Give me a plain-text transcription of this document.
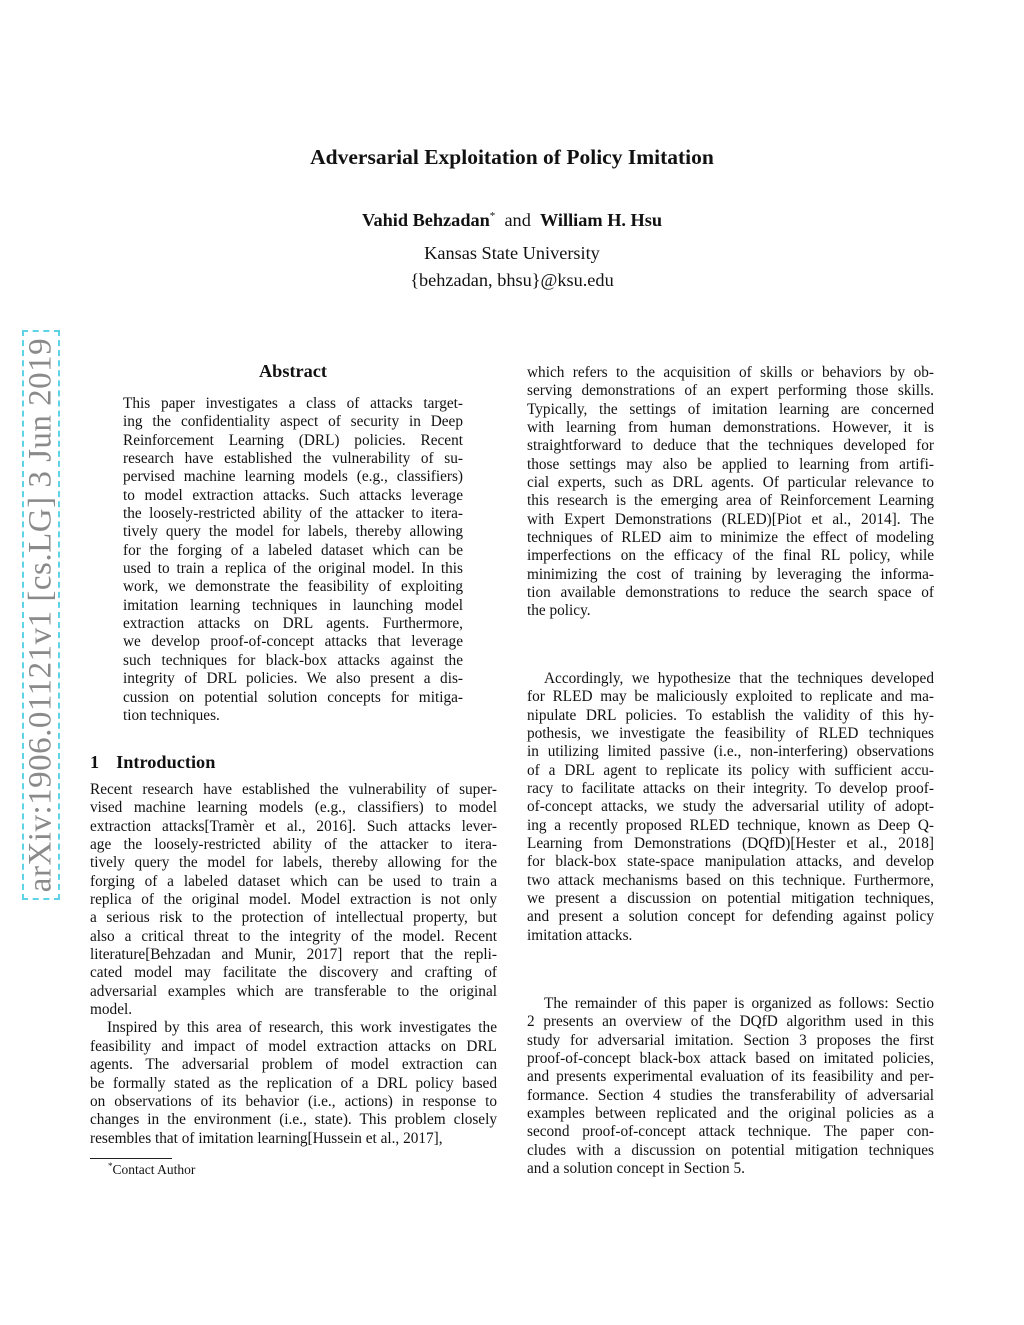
arXiv:1906.01121v1 [cs.LG] 3 Jun 2019
Adversarial Exploitation of Policy Imitation
Vahid Behzadan* and William H. Hsu
Kansas State University
{behzadan, bhsu}@ksu.edu
Abstract
This paper investigates a class of attacks target-
ing the confidentiality aspect of security in Deep
Reinforcement Learning (DRL) policies. Recent
research have established the vulnerability of su-
pervised machine learning models (e.g., classifiers)
to model extraction attacks. Such attacks leverage
the loosely-restricted ability of the attacker to itera-
tively query the model for labels, thereby allowing
for the forging of a labeled dataset which can be
used to train a replica of the original model. In this
work, we demonstrate the feasibility of exploiting
imitation learning techniques in launching model
extraction attacks on DRL agents. Furthermore,
we develop proof-of-concept attacks that leverage
such techniques for black-box attacks against the
integrity of DRL policies. We also present a dis-
cussion on potential solution concepts for mitiga-
tion techniques.
1 Introduction
Recent research have established the vulnerability of super-
vised machine learning models (e.g., classifiers) to model
extraction attacks[Tramèr et al., 2016]. Such attacks lever-
age the loosely-restricted ability of the attacker to itera-
tively query the model for labels, thereby allowing for the
forging of a labeled dataset which can be used to train a
replica of the original model. Model extraction is not only
a serious risk to the protection of intellectual property, but
also a critical threat to the integrity of the model. Recent
literature[Behzadan and Munir, 2017] report that the repli-
cated model may facilitate the discovery and crafting of
adversarial examples which are transferable to the original
model.
Inspired by this area of research, this work investigates the
feasibility and impact of model extraction attacks on DRL
agents. The adversarial problem of model extraction can
be formally stated as the replication of a DRL policy based
on observations of its behavior (i.e., actions) in response to
changes in the environment (i.e., state). This problem closely
resembles that of imitation learning[Hussein et al., 2017],
which refers to the acquisition of skills or behaviors by ob-
serving demonstrations of an expert performing those skills.
Typically, the settings of imitation learning are concerned
with learning from human demonstrations. However, it is
straightforward to deduce that the techniques developed for
those settings may also be applied to learning from artifi-
cial experts, such as DRL agents. Of particular relevance to
this research is the emerging area of Reinforcement Learning
with Expert Demonstrations (RLED)[Piot et al., 2014]. The
techniques of RLED aim to minimize the effect of modeling
imperfections on the efficacy of the final RL policy, while
minimizing the cost of training by leveraging the informa-
tion available demonstrations to reduce the search space of
the policy.
Accordingly, we hypothesize that the techniques developed
for RLED may be maliciously exploited to replicate and ma-
nipulate DRL policies. To establish the validity of this hy-
pothesis, we investigate the feasibility of RLED techniques
in utilizing limited passive (i.e., non-interfering) observations
of a DRL agent to replicate its policy with sufficient accu-
racy to facilitate attacks on their integrity. To develop proof-
of-concept attacks, we study the adversarial utility of adopt-
ing a recently proposed RLED technique, known as Deep Q-
Learning from Demonstrations (DQfD)[Hester et al., 2018]
for black-box state-space manipulation attacks, and develop
two attack mechanisms based on this technique. Furthermore,
we present a discussion on potential mitigation techniques,
and present a solution concept for defending against policy
imitation attacks.
The remainder of this paper is organized as follows: Sectio
2 presents an overview of the DQfD algorithm used in this
study for adversarial imitation. Section 3 proposes the first
proof-of-concept black-box attack based on imitated policies,
and presents experimental evaluation of its feasibility and per-
formance. Section 4 studies the transferability of adversarial
examples between replicated and the original policies as a
second proof-of-concept attack technique. The paper con-
cludes with a discussion on potential mitigation techniques
and a solution concept in Section 5.
*Contact Author
